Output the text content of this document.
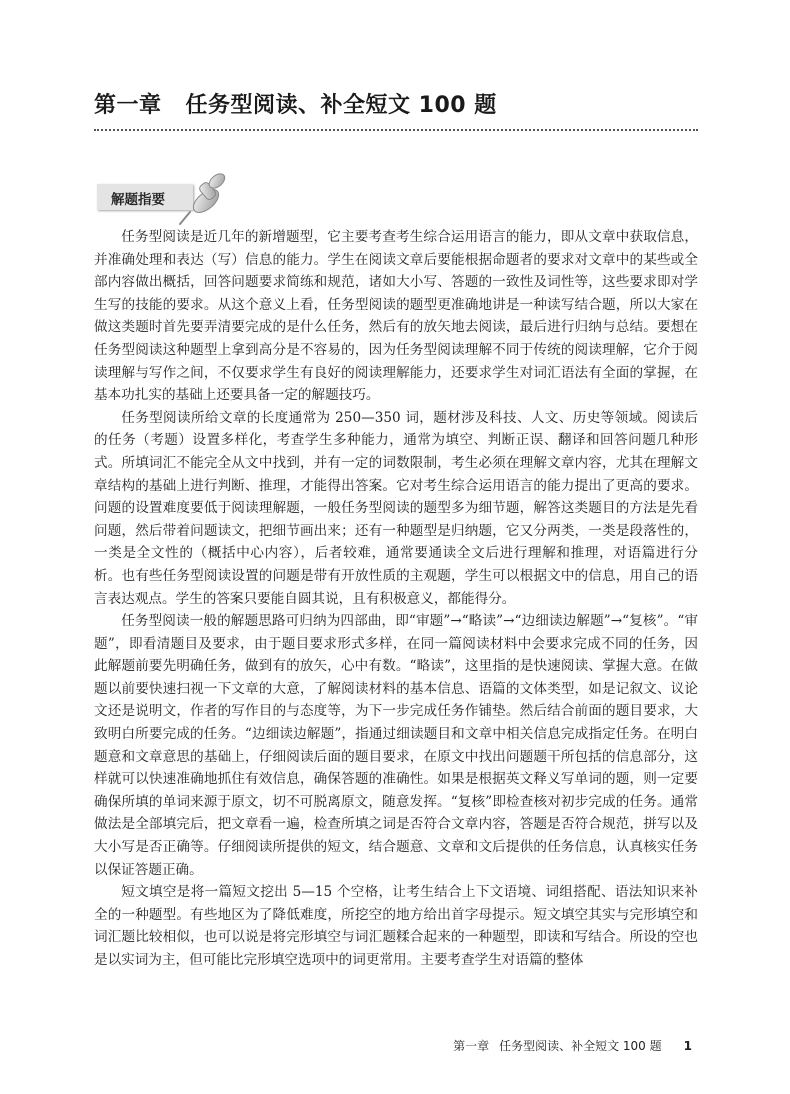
第一章 任务型阅读、补全短文 100 题
解题指要

任务型阅读是近几年的新增题型，它主要考查考生综合运用语言的能力，即从文章中获取信息，并准确处理和表达（写）信息的能力。学生在阅读文章后要能根据命题者的要求对文章中的某些或全部内容做出概括，回答问题要求简练和规范，诸如大小写、答题的一致性及词性等，这些要求即对学生写的技能的要求。从这个意义上看，任务型阅读的题型更准确地讲是一种读写结合题，所以大家在做这类题时首先要弄清要完成的是什么任务，然后有的放矢地去阅读，最后进行归纳与总结。要想在任务型阅读这种题型上拿到高分是不容易的，因为任务型阅读理解不同于传统的阅读理解，它介于阅读理解与写作之间，不仅要求学生有良好的阅读理解能力，还要求学生对词汇语法有全面的掌握，在基本功扎实的基础上还要具备一定的解题技巧。

任务型阅读所给文章的长度通常为 250—350 词，题材涉及科技、人文、历史等领域。阅读后的任务（考题）设置多样化，考查学生多种能力，通常为填空、判断正误、翻译和回答问题几种形式。所填词汇不能完全从文中找到，并有一定的词数限制，考生必须在理解文章内容，尤其在理解文章结构的基础上进行判断、推理，才能得出答案。它对考生综合运用语言的能力提出了更高的要求。问题的设置难度要低于阅读理解题，一般任务型阅读的题型多为细节题，解答这类题目的方法是先看问题，然后带着问题读文，把细节画出来；还有一种题型是归纳题，它又分两类，一类是段落性的，一类是全文性的（概括中心内容），后者较难，通常要通读全文后进行理解和推理，对语篇进行分析。也有些任务型阅读设置的问题是带有开放性质的主观题，学生可以根据文中的信息，用自己的语言表达观点。学生的答案只要能自圆其说，且有积极意义，都能得分。

任务型阅读一般的解题思路可归纳为四部曲，即“审题”→“略读”→“边细读边解题”→“复核”。“审题”，即看清题目及要求，由于题目要求形式多样，在同一篇阅读材料中会要求完成不同的任务，因此解题前要先明确任务，做到有的放矢，心中有数。“略读”，这里指的是快速阅读、掌握大意。在做题以前要快速扫视一下文章的大意，了解阅读材料的基本信息、语篇的文体类型，如是记叙文、议论文还是说明文，作者的写作目的与态度等，为下一步完成任务作铺垫。然后结合前面的题目要求，大致明白所要完成的任务。“边细读边解题”，指通过细读题目和文章中相关信息完成指定任务。在明白题意和文章意思的基础上，仔细阅读后面的题目要求，在原文中找出问题题干所包括的信息部分，这样就可以快速准确地抓住有效信息，确保答题的准确性。如果是根据英文释义写单词的题，则一定要确保所填的单词来源于原文，切不可脱离原文，随意发挥。“复核”即检查核对初步完成的任务。通常做法是全部填完后，把文章看一遍，检查所填之词是否符合文章内容，答题是否符合规范，拼写以及大小写是否正确等。仔细阅读所提供的短文，结合题意、文章和文后提供的任务信息，认真核实任务以保证答题正确。

短文填空是将一篇短文挖出 5—15 个空格，让考生结合上下文语境、词组搭配、语法知识来补全的一种题型。有些地区为了降低难度，所挖空的地方给出首字母提示。短文填空其实与完形填空和词汇题比较相似，也可以说是将完形填空与词汇题糅合起来的一种题型，即读和写结合。所设的空也是以实词为主，但可能比完形填空选项中的词更常用。主要考查学生对语篇的整体

第一章 任务型阅读、补全短文 100 题 1
